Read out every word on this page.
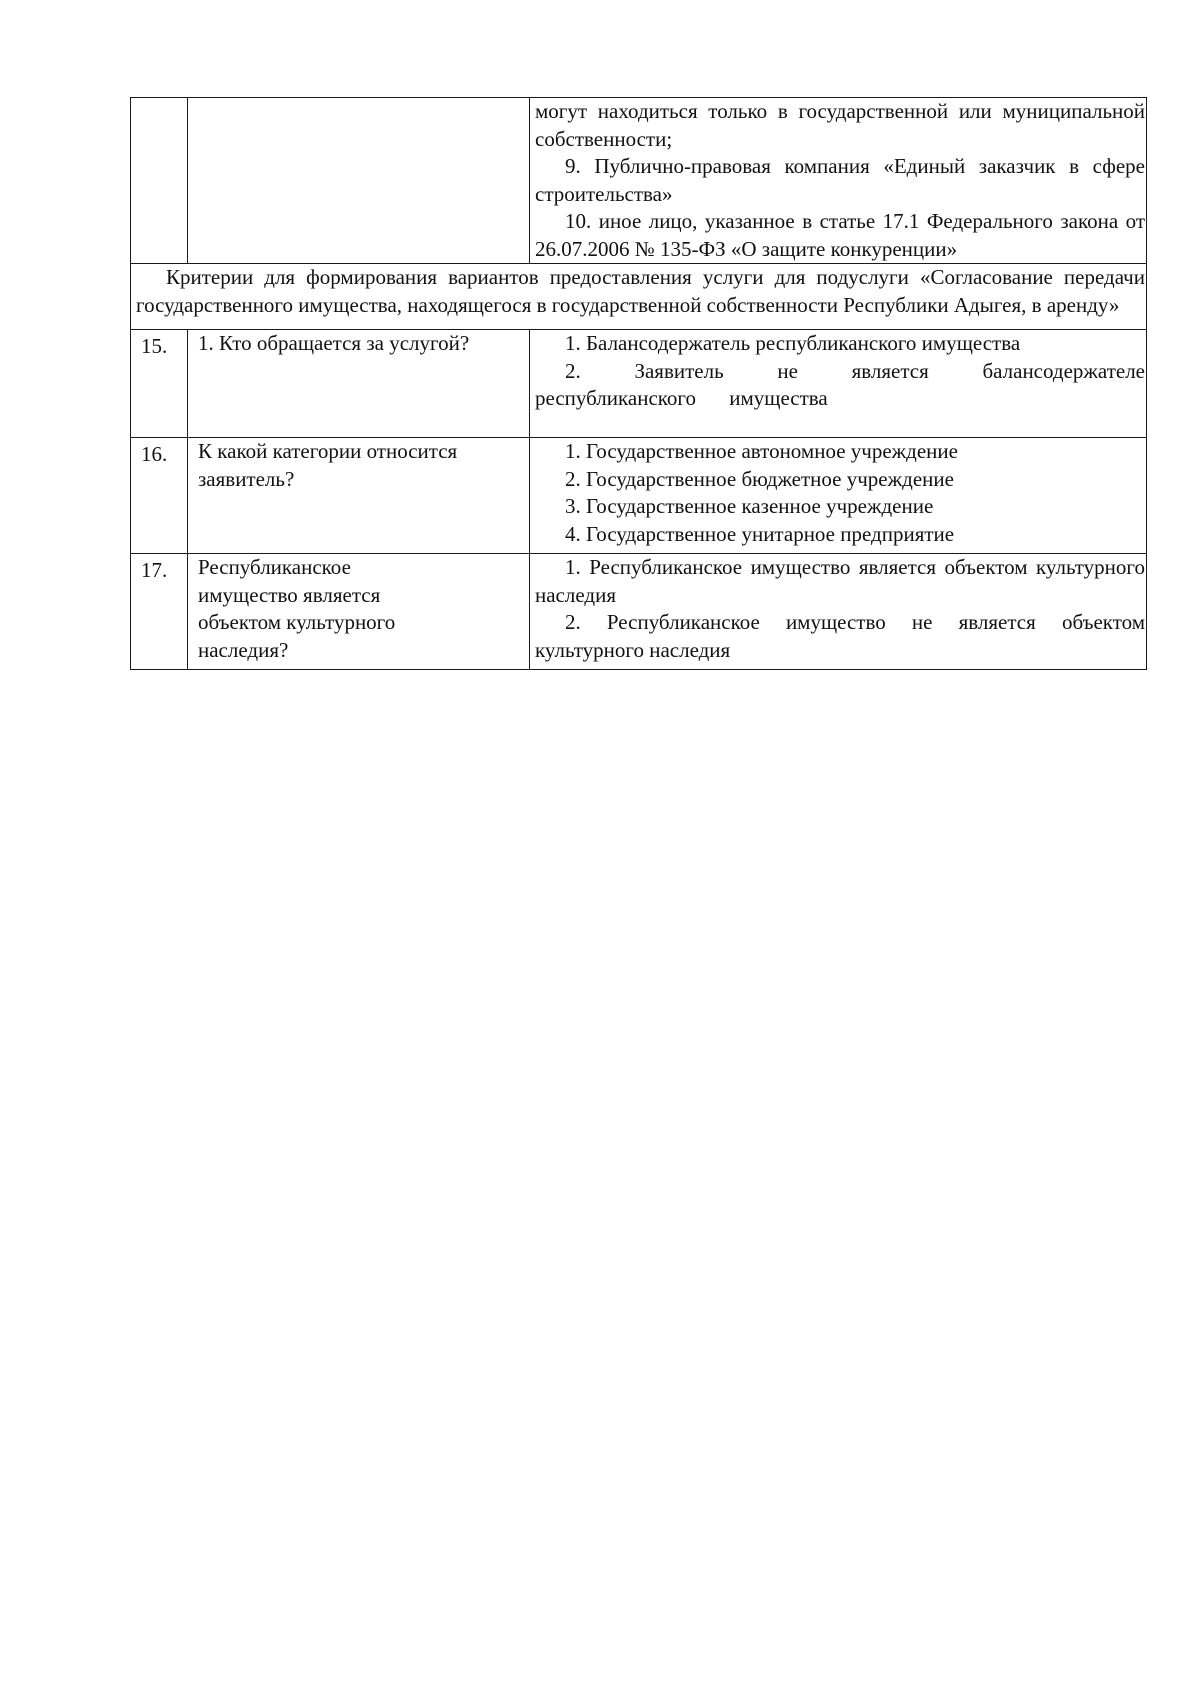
		могут находиться только в государственной или муниципальной собственности;

9. Публично-правовая компания «Единый заказчик в сфере строительства»

10. иное лицо, указанное в статье 17.1 Федерального закона от 26.07.2006 № 135-ФЗ «О защите конкуренции»

Критерии для формирования вариантов предоставления услуги для подуслуги «Согласование передачи государственного имущества, находящегося в государственной собственности Республики Адыгея, в аренду»		

15.	1. Кто обращается за услугой?	1. Балансодержатель республиканского имущества

2. Заявитель не является балансодержателе республиканского имущества

16.	К какой категории относится заявитель?	1. Государственное автономное учреждение

2. Государственное бюджетное учреждение

3. Государственное казенное учреждение

4. Государственное унитарное предприятие

17.	Республиканское имущество является объектом культурного наследия?	1. Республиканское имущество является объектом культурного наследия

2. Республиканское имущество не является объектом культурного наследия
